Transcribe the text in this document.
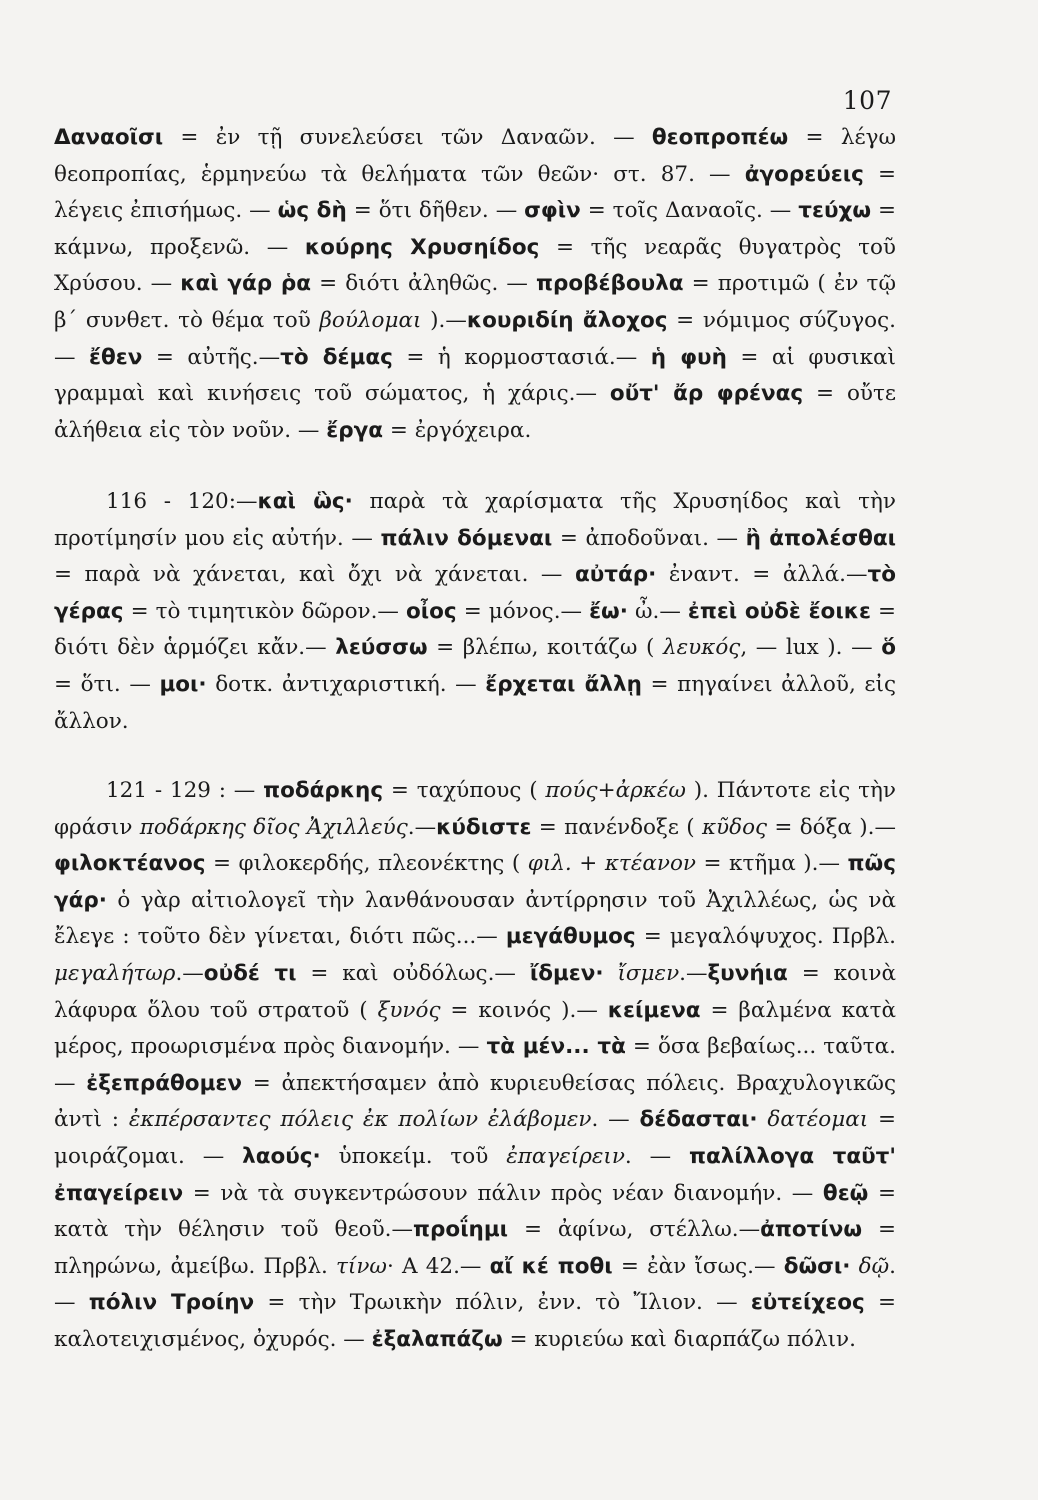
107
Δαναοῖσι = ἐν τῇ συνελεύσει τῶν Δαναῶν. — θεοπροπέω = λέγω θεοπροπίας, ἑρμηνεύω τὰ θελήματα τῶν θεῶν· στ. 87. — ἀγορεύεις = λέγεις ἐπισήμως. — ὡς δὴ = ὅτι δῆθεν. — σφὶν = τοῖς Δαναοῖς. — τεύχω = κάμνω, προξενῶ. — κούρης Χρυσηίδος = τῆς νεαρᾶς θυγατρὸς τοῦ Χρύσου. — καὶ γάρ ῥα = διότι ἀληθῶς. — προβέβουλα = προτιμῶ ( ἐν τῷ β΄ συνθετ. τὸ θέμα τοῦ βούλομαι ).—κουριδίη ἄλοχος = νόμιμος σύζυγος.— ἔθεν = αὐτῆς.—τὸ δέμας = ἡ κορμοστασιά.— ἡ φυὴ = αἱ φυσικαὶ γραμμαὶ καὶ κινήσεις τοῦ σώματος, ἡ χάρις.— οὔτ' ἄρ φρένας = οὔτε ἀλήθεια εἰς τὸν νοῦν. — ἔργα = ἐργόχειρα.
116 - 120:—καὶ ὣς· παρὰ τὰ χαρίσματα τῆς Χρυσηίδος καὶ τὴν προτίμησίν μου εἰς αὐτήν. — πάλιν δόμεναι = ἀποδοῦναι. — ἢ ἀπολέσθαι = παρὰ νὰ χάνεται, καὶ ὄχι νὰ χάνεται. — αὐτάρ· ἐναντ. = ἀλλά.—τὸ γέρας = τὸ τιμητικὸν δῶρον.— οἶος = μόνος.— ἔω· ὦ.— ἐπεὶ οὐδὲ ἔοικε = διότι δὲν ἁρμόζει κἄν.— λεύσσω = βλέπω, κοιτάζω ( λευκός, — lux ). — ὅ = ὅτι. — μοι· δοτκ. ἀντιχαριστική. — ἔρχεται ἄλλῃ = πηγαίνει ἀλλοῦ, εἰς ἄλλον.
121 - 129 : — ποδάρκης = ταχύπους ( πούς+ἀρκέω ). Πάντοτε εἰς τὴν φράσιν ποδάρκης δῖος Ἀχιλλεύς.—κύδιστε = πανένδοξε ( κῦδος = δόξα ).— φιλοκτέανος = φιλοκερδής, πλεονέκτης ( φιλ. + κτέανον = κτῆμα ).— πῶς γάρ· ὁ γὰρ αἰτιολογεῖ τὴν λανθάνουσαν ἀντίρρησιν τοῦ Ἀχιλλέως, ὡς νὰ ἔλεγε : τοῦτο δὲν γίνεται, διότι πῶς...— μεγάθυμος = μεγαλόψυχος. Πρβλ. μεγαλήτωρ.—οὐδέ τι = καὶ οὐδόλως.— ἴδμεν· ἴσμεν.—ξυνήια = κοινὰ λάφυρα ὅλου τοῦ στρατοῦ ( ξυνός = κοινός ).— κείμενα = βαλμένα κατὰ μέρος, προωρισμένα πρὸς διανομήν. — τὰ μέν... τὰ = ὅσα βεβαίως... ταῦτα.— ἐξεπράθομεν = ἀπεκτήσαμεν ἀπὸ κυριευθείσας πόλεις. Βραχυλογικῶς ἀντὶ : ἐκπέρσαντες πόλεις ἐκ πολίων ἐλάβομεν. — δέδασται· δατέομαι = μοιράζομαι. — λαούς· ὑποκείμ. τοῦ ἐπαγείρειν. — παλίλλογα ταῦτ' ἐπαγείρειν = νὰ τὰ συγκεντρώσουν πάλιν πρὸς νέαν διανομήν. — θεῷ = κατὰ τὴν θέλησιν τοῦ θεοῦ.—προΐημι = ἀφίνω, στέλλω.—ἀποτίνω = πληρώνω, ἀμείβω. Πρβλ. τίνω· Α 42.— αἴ κέ ποθι = ἐὰν ἴσως.— δῶσι· δῷ.— πόλιν Τροίην = τὴν Τρωικὴν πόλιν, ἐνν. τὸ Ἴλιον. — εὐτείχεος = καλοτειχισμένος, ὀχυρός. — ἐξαλαπάζω = κυριεύω καὶ διαρπάζω πόλιν.
